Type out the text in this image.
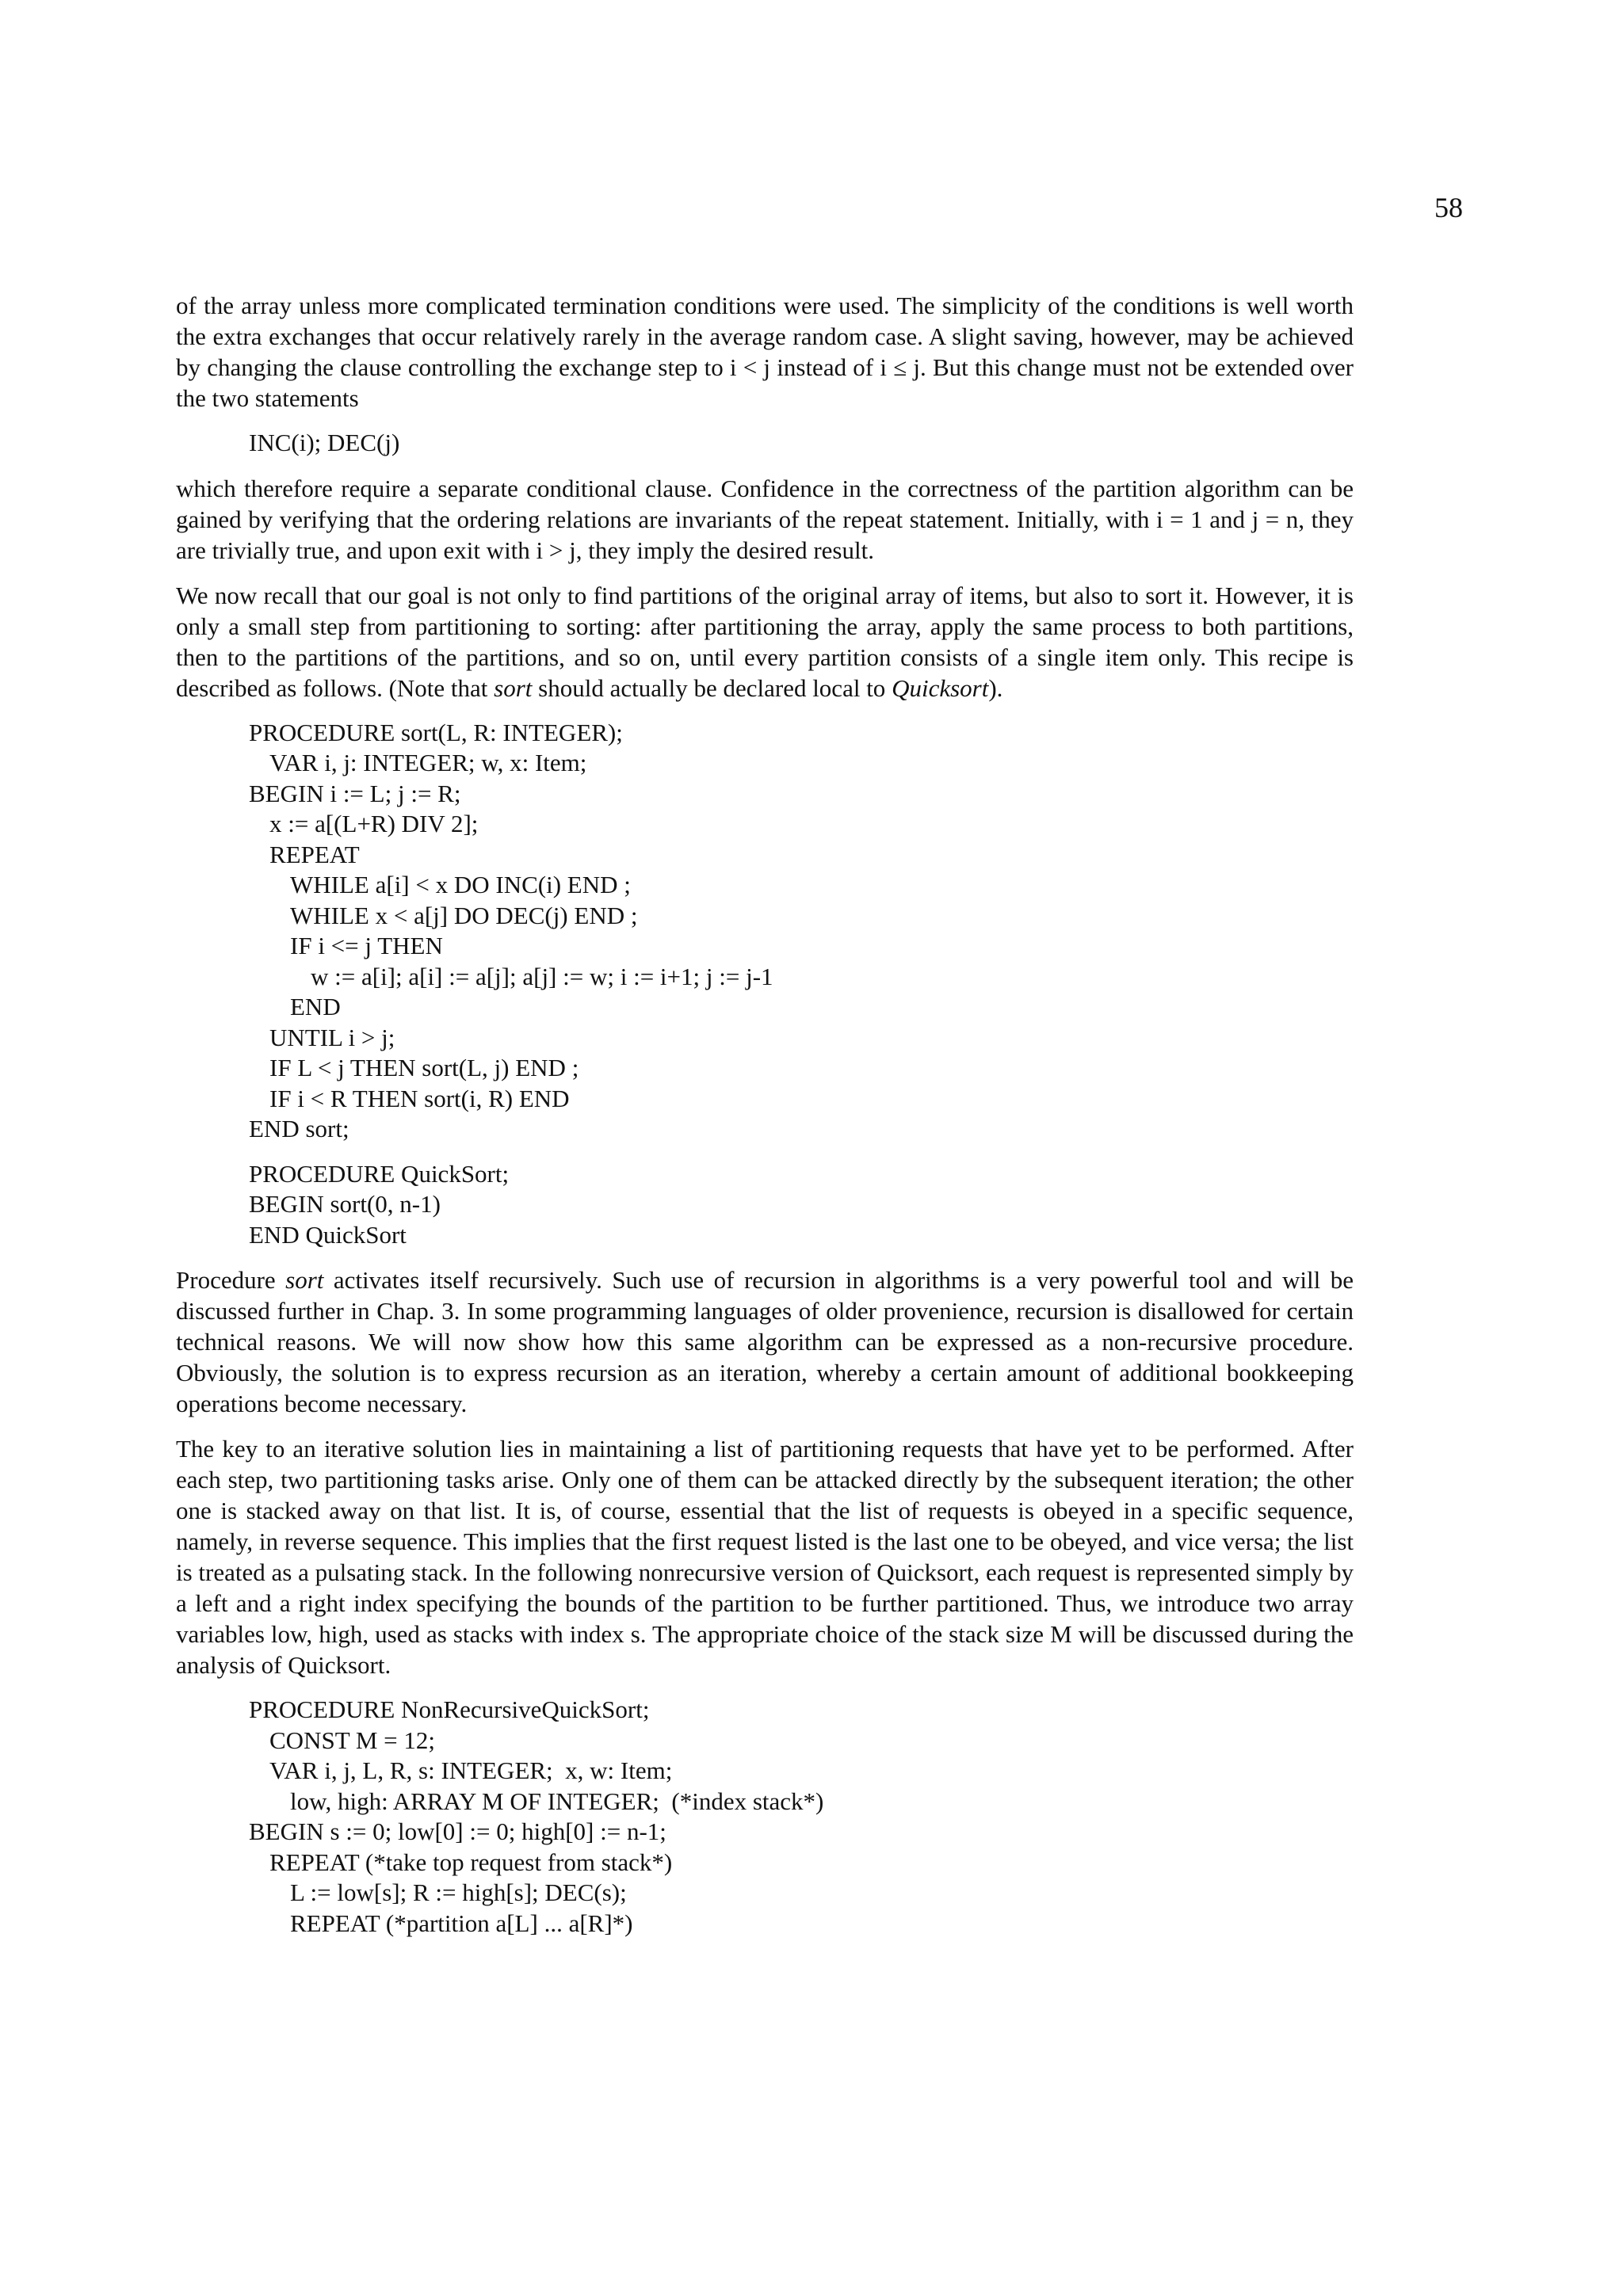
58

of the array unless more complicated termination conditions were used. The simplicity of the conditions is well worth the extra exchanges that occur relatively rarely in the average random case. A slight saving, however, may be achieved by changing the clause controlling the exchange step to i < j instead of i ≤ j. But this change must not be extended over the two statements

INC(i); DEC(j)

which therefore require a separate conditional clause. Confidence in the correctness of the partition algorithm can be gained by verifying that the ordering relations are invariants of the repeat statement. Initially, with i = 1 and j = n, they are trivially true, and upon exit with i > j, they imply the desired result.

We now recall that our goal is not only to find partitions of the original array of items, but also to sort it. However, it is only a small step from partitioning to sorting: after partitioning the array, apply the same process to both partitions, then to the partitions of the partitions, and so on, until every partition consists of a single item only. This recipe is described as follows. (Note that sort should actually be declared local to Quicksort).

PROCEDURE sort(L, R: INTEGER);
VAR i, j: INTEGER; w, x: Item;
BEGIN i := L; j := R;
x := a[(L+R) DIV 2];
REPEAT
WHILE a[i] < x DO INC(i) END ;
WHILE x < a[j] DO DEC(j) END ;
IF i <= j THEN
w := a[i]; a[i] := a[j]; a[j] := w; i := i+1; j := j-1
END
UNTIL i > j;
IF L < j THEN sort(L, j) END ;
IF i < R THEN sort(i, R) END
END sort;
PROCEDURE QuickSort;
BEGIN sort(0, n-1)
END QuickSort

Procedure sort activates itself recursively. Such use of recursion in algorithms is a very powerful tool and will be discussed further in Chap. 3. In some programming languages of older provenience, recursion is disallowed for certain technical reasons. We will now show how this same algorithm can be expressed as a non-recursive procedure. Obviously, the solution is to express recursion as an iteration, whereby a certain amount of additional bookkeeping operations become necessary.

The key to an iterative solution lies in maintaining a list of partitioning requests that have yet to be performed. After each step, two partitioning tasks arise. Only one of them can be attacked directly by the subsequent iteration; the other one is stacked away on that list. It is, of course, essential that the list of requests is obeyed in a specific sequence, namely, in reverse sequence. This implies that the first request listed is the last one to be obeyed, and vice versa; the list is treated as a pulsating stack. In the following nonrecursive version of Quicksort, each request is represented simply by a left and a right index specifying the bounds of the partition to be further partitioned. Thus, we introduce two array variables low, high, used as stacks with index s. The appropriate choice of the stack size M will be discussed during the analysis of Quicksort.

PROCEDURE NonRecursiveQuickSort;
CONST M = 12;
VAR i, j, L, R, s: INTEGER;  x, w: Item;
low, high: ARRAY M OF INTEGER;  (*index stack*)
BEGIN s := 0; low[0] := 0; high[0] := n-1;
REPEAT (*take top request from stack*)
L := low[s]; R := high[s]; DEC(s);
REPEAT (*partition a[L] ... a[R]*)
